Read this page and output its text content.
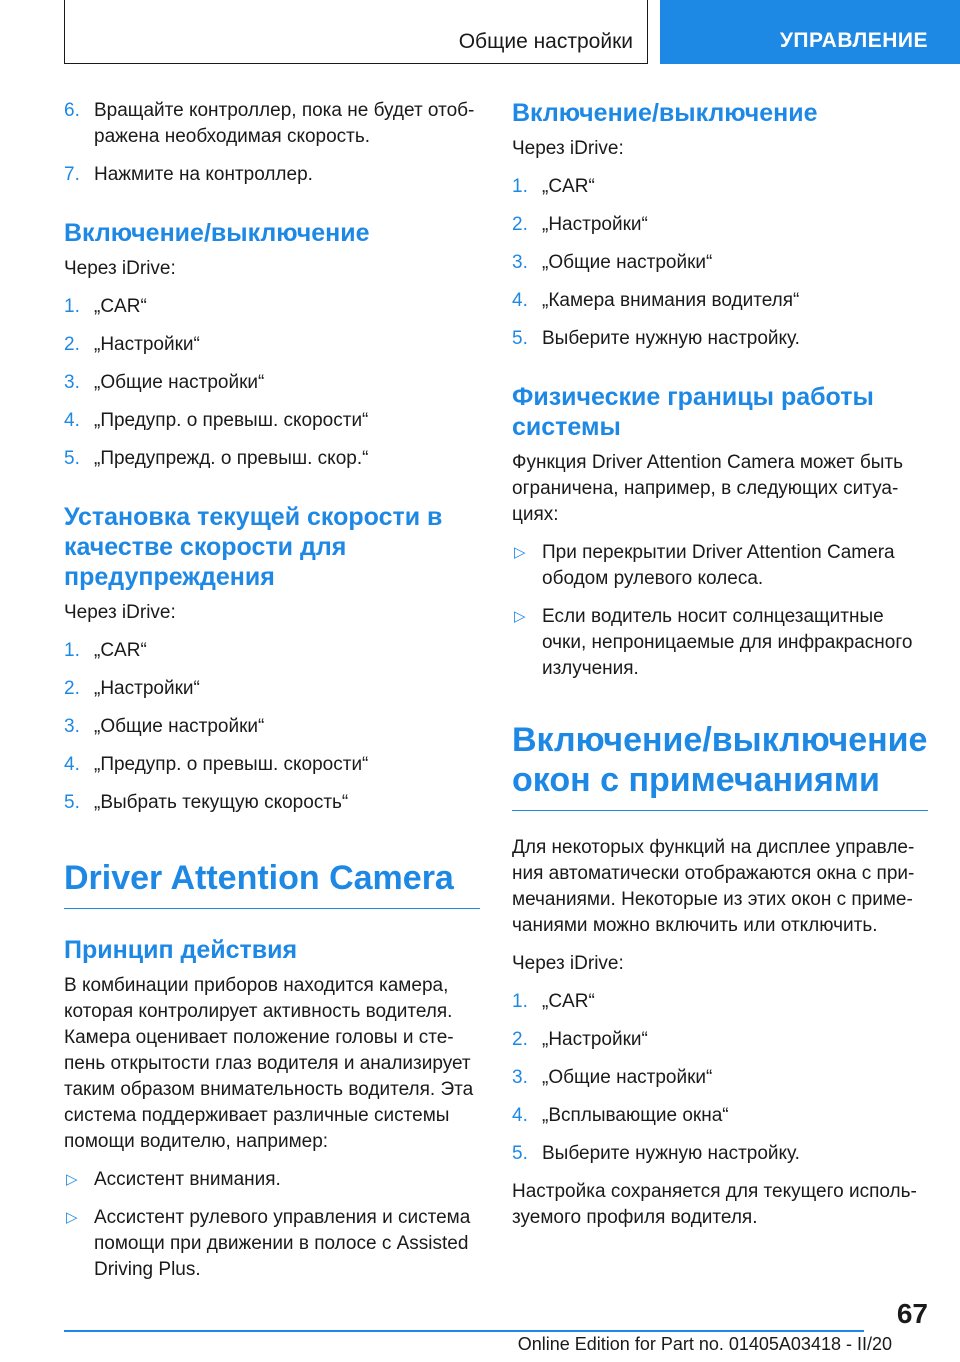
Общие настройки	УПРАВЛЕНИЕ
6. Вращайте контроллер, пока не будет отоб‐ ражена необходимая скорость.
7. Нажмите на контроллер.
Включение/выключение

Через iDrive:

1. „CAR“
2. „Настройки“
3. „Общие настройки“
4. „Предупр. о превыш. скорости“
5. „Предупрежд. о превыш. скор.“
Установка текущей скорости в качестве скорости для предупреждения

Через iDrive:

1. „CAR“
2. „Настройки“
3. „Общие настройки“
4. „Предупр. о превыш. скорости“
5. „Выбрать текущую скорость“
Driver Attention Camera
Принцип действия

В комбинации приборов находится камера, которая контролирует активность водителя. Камера оценивает положение головы и сте‐ пень открытости глаз водителя и анализирует таким образом внимательность водителя. Эта система поддерживает различные системы помощи водителю, например:

▷ Ассистент внимания.
▷ Ассистент рулевого управления и система помощи при движении в полосе с Assisted Driving Plus.
Включение/выключение

Через iDrive:

1. „CAR“
2. „Настройки“
3. „Общие настройки“
4. „Камера внимания водителя“
5. Выберите нужную настройку.
Физические границы работы системы

Функция Driver Attention Camera может быть ограничена, например, в следующих ситуа‐ циях:

▷ При перекрытии Driver Attention Camera ободом рулевого колеса.
▷ Если водитель носит солнцезащитные очки, непроницаемые для инфракрасного излучения.
Включение/выключение окон с примечаниями

Для некоторых функций на дисплее управле‐ ния автоматически отображаются окна с при‐ мечаниями. Некоторые из этих окон с приме‐ чаниями можно включить или отключить.

Через iDrive:

1. „CAR“
2. „Настройки“
3. „Общие настройки“
4. „Всплывающие окна“
5. Выберите нужную настройку.

Настройка сохраняется для текущего исполь‐ зуемого профиля водителя.

67
Online Edition for Part no. 01405A03418 - II/20
